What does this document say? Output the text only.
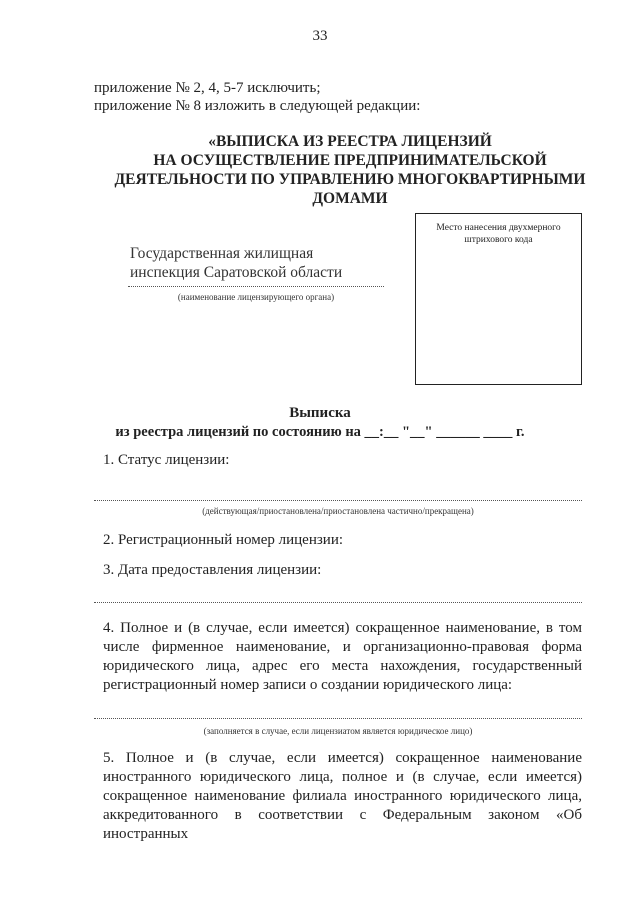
33
приложение № 2, 4, 5-7 исключить;
приложение № 8 изложить в следующей редакции:
«ВЫПИСКА ИЗ РЕЕСТРА ЛИЦЕНЗИЙ
НА ОСУЩЕСТВЛЕНИЕ ПРЕДПРИНИМАТЕЛЬСКОЙ
ДЕЯТЕЛЬНОСТИ ПО УПРАВЛЕНИЮ МНОГОКВАРТИРНЫМИ
ДОМАМИ
Место нанесения двухмерного
штрихового кода
Государственная жилищная
инспекция Саратовской области
(наименование лицензирующего органа)
Выписка
из реестра лицензий по состоянию на __:__ "__" ______ ____ г.
1. Статус лицензии:
(действующая/приостановлена/приостановлена частично/прекращена)
2. Регистрационный номер лицензии:
3. Дата предоставления лицензии:
4. Полное и (в случае, если имеется) сокращенное наименование, в том числе фирменное наименование, и организационно-правовая форма юридического лица, адрес его места нахождения, государственный регистрационный номер записи о создании юридического лица:
(заполняется в случае, если лицензиатом является юридическое лицо)
5. Полное и (в случае, если имеется) сокращенное наименование иностранного юридического лица, полное и (в случае, если имеется) сокращенное наименование филиала иностранного юридического лица, аккредитованного в соответствии с Федеральным законом «Об иностранных
